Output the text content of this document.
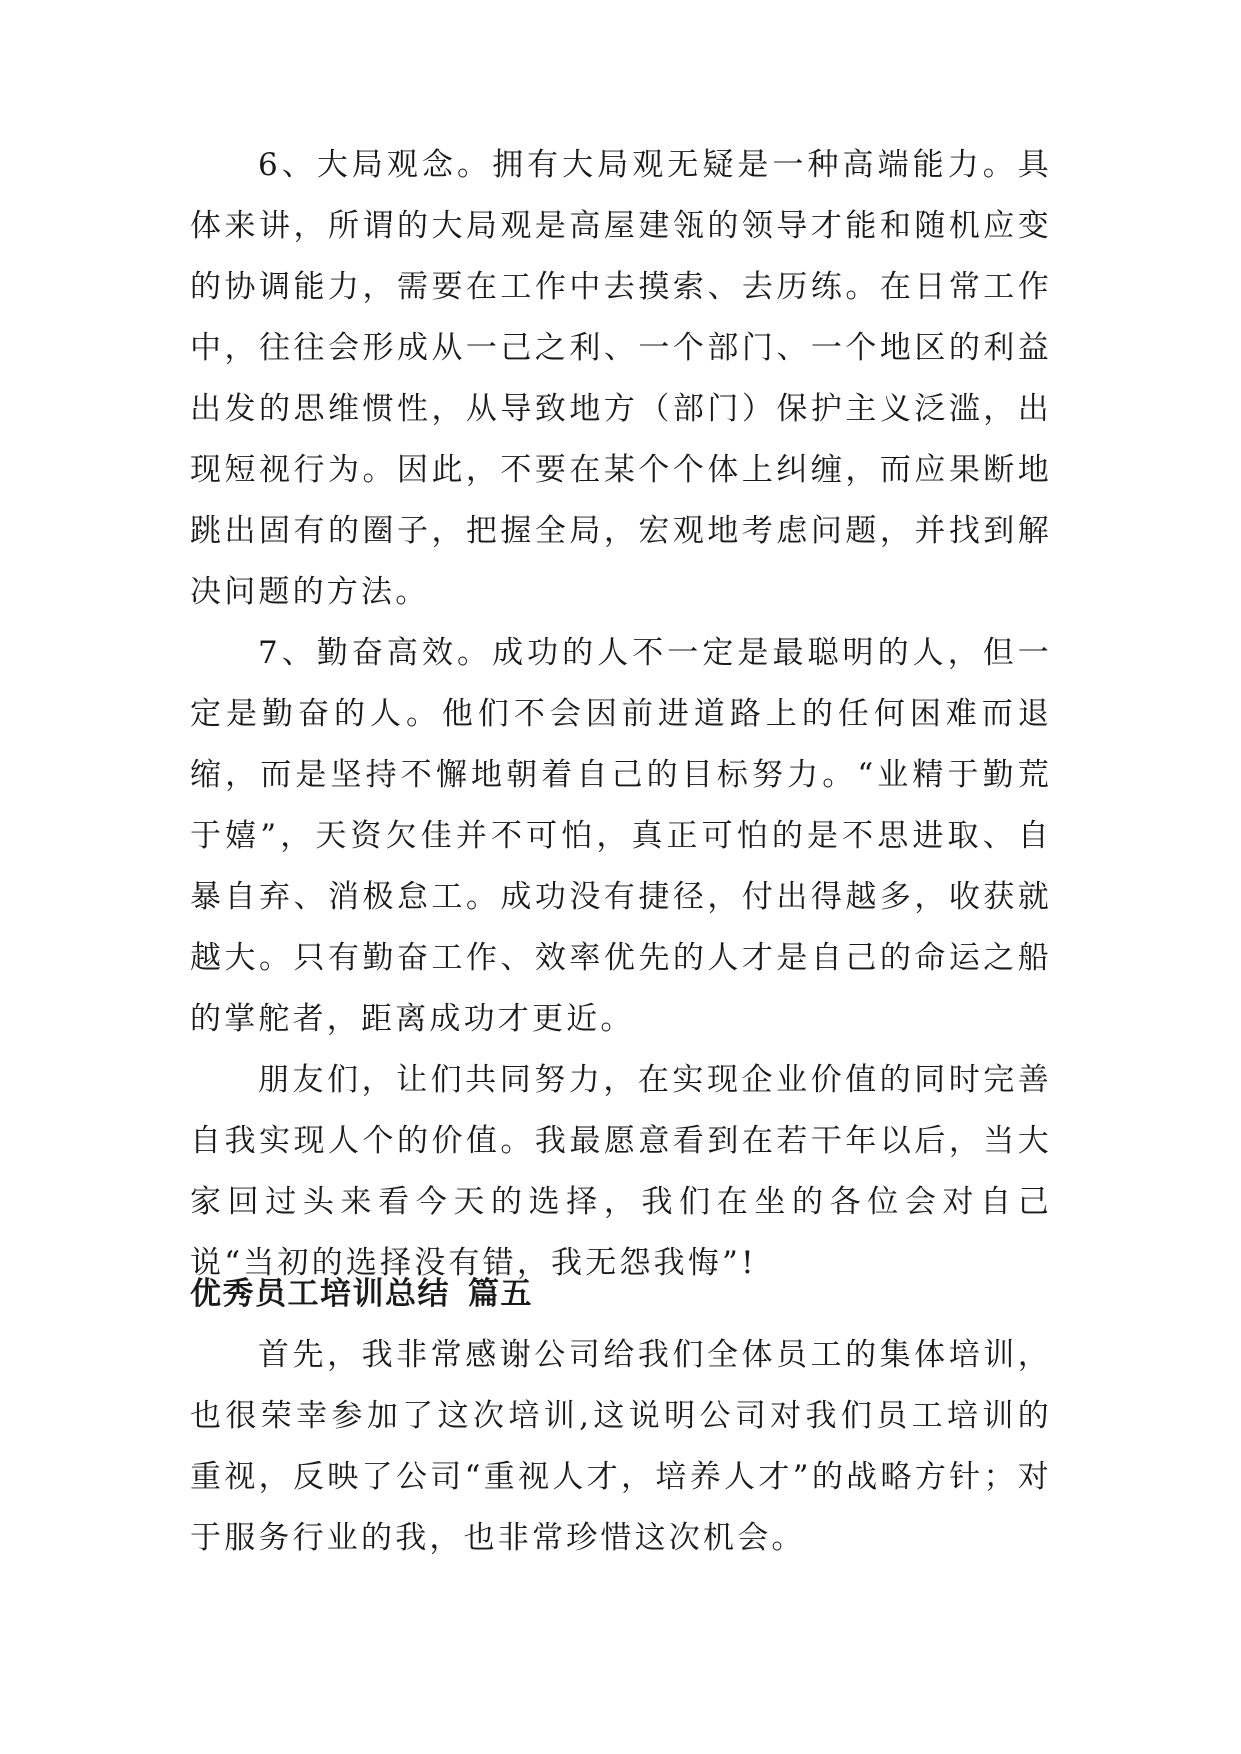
6、大局观念。拥有大局观无疑是一种高端能力。具体来讲，所谓的大局观是高屋建瓴的领导才能和随机应变的协调能力，需要在工作中去摸索、去历练。在日常工作中，往往会形成从一己之利、一个部门、一个地区的利益出发的思维惯性，从导致地方（部门）保护主义泛滥，出现短视行为。因此，不要在某个个体上纠缠，而应果断地跳出固有的圈子，把握全局，宏观地考虑问题，并找到解决问题的方法。

7、勤奋高效。成功的人不一定是最聪明的人，但一定是勤奋的人。他们不会因前进道路上的任何困难而退缩，而是坚持不懈地朝着自己的目标努力。“业精于勤荒于嬉”，天资欠佳并不可怕，真正可怕的是不思进取、自暴自弃、消极怠工。成功没有捷径，付出得越多，收获就越大。只有勤奋工作、效率优先的人才是自己的命运之船的掌舵者，距离成功才更近。

朋友们，让们共同努力，在实现企业价值的同时完善自我实现人个的价值。我最愿意看到在若干年以后，当大家回过头来看今天的选择，我们在坐的各位会对自己说“当初的选择没有错，我无怨我悔”!

优秀员工培训总结 篇五

首先，我非常感谢公司给我们全体员工的集体培训，也很荣幸参加了这次培训,这说明公司对我们员工培训的重视，反映了公司“重视人才，培养人才”的战略方针；对于服务行业的我，也非常珍惜这次机会。
